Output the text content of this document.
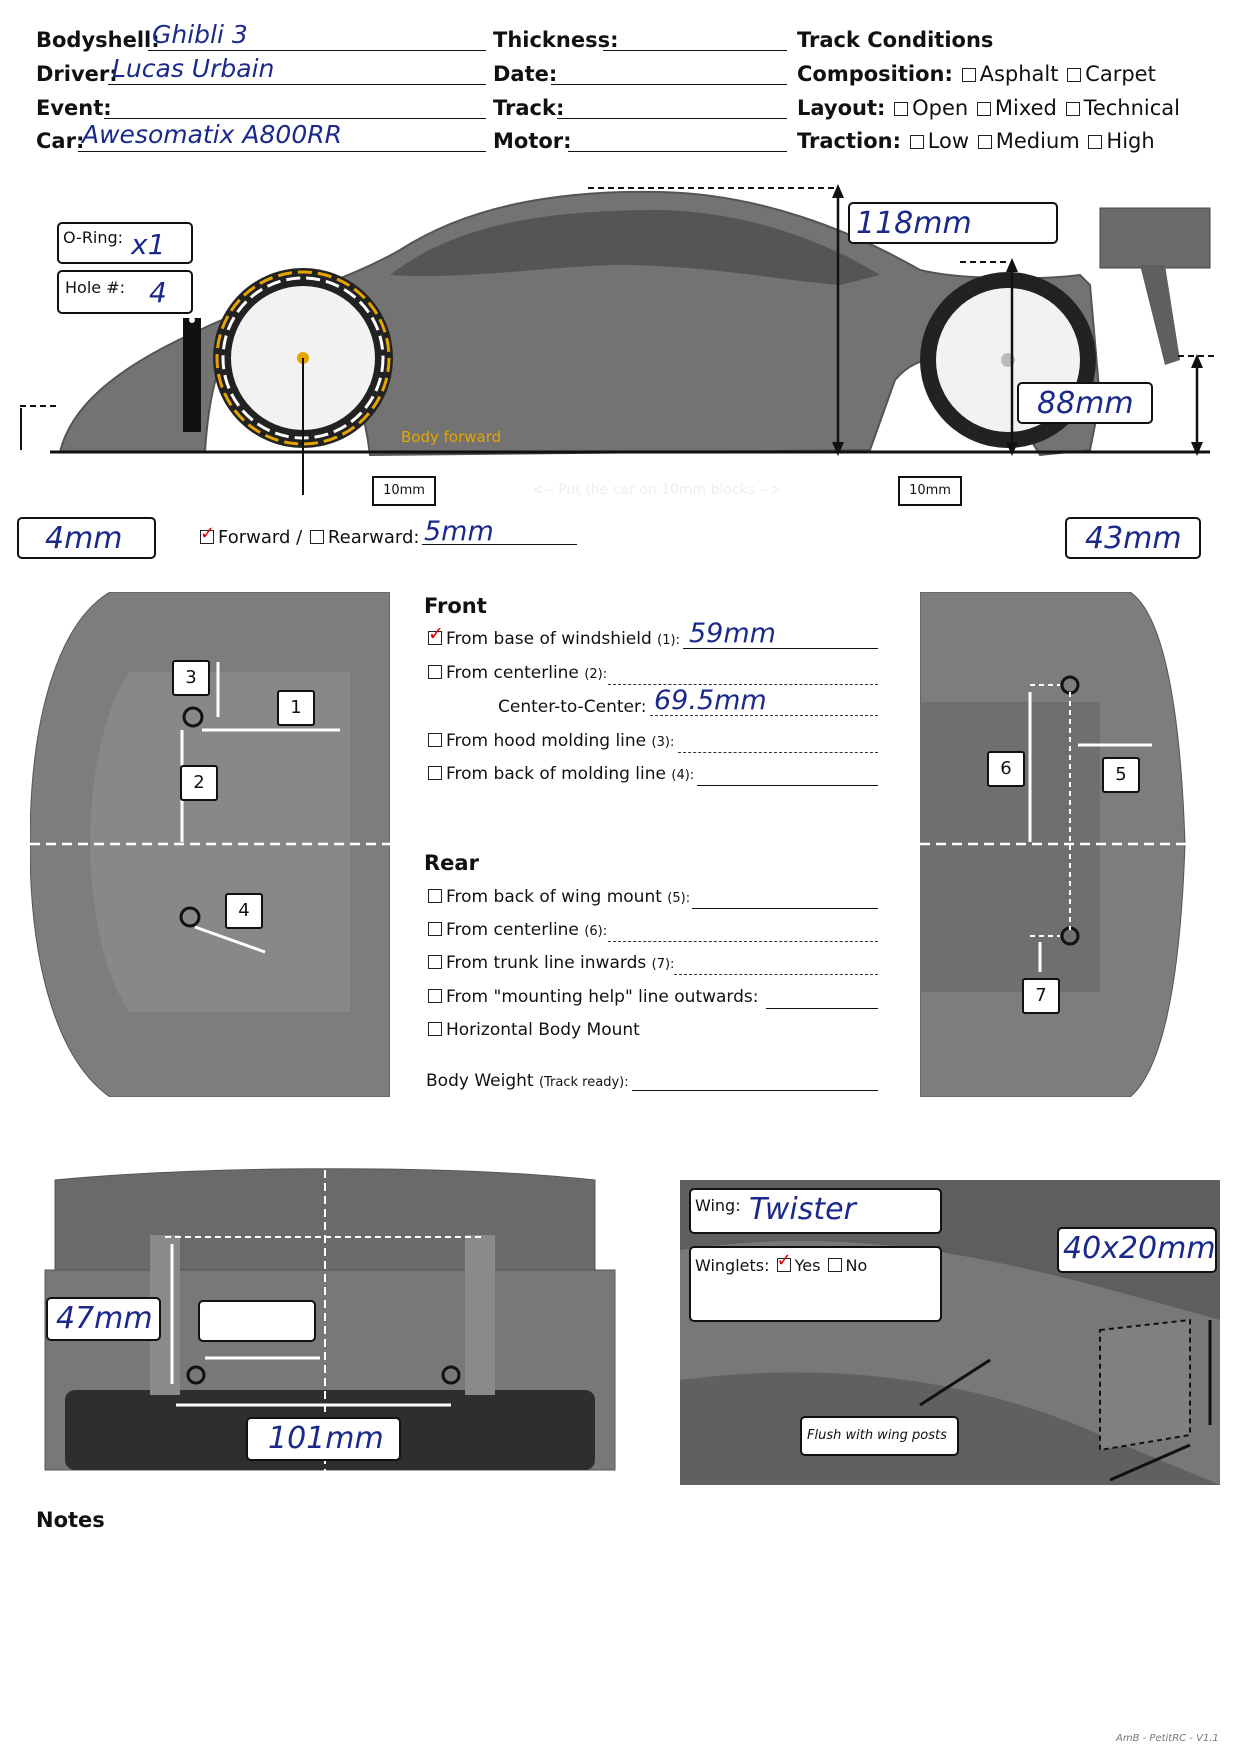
Bodyshell:
Ghibli 3
Driver:
Lucas Urbain
Event:
Car:
Awesomatix A800RR
Thickness:
Date:
Track:
Motor:
Track Conditions
Composition: Asphalt Carpet
Layout: Open Mixed Technical
Traction: Low Medium High
O-Ring: x1
Hole #: 4
118mm
88mm
Body forward
Body rearward
10mm	10mm
<-- Put the car on 10mm blocks -->
4mm	43mm
✓ Forward / Rearward: 5mm
3
1
2
4
6	5
7
Front
✓ From base of windshield (1): 59mm
From centerline (2):
Center-to-Center: 69.5mm
From hood molding line (3):
From back of molding line (4):
Rear
From back of wing mount (5):
From centerline (6):
From trunk line inwards (7):
From "mounting help" line outwards:
Horizontal Body Mount
Body Weight (Track ready):
47mm
101mm
Wing: Twister
Winglets: ✓ Yes No	40x20mm
Flush with wing posts
Notes
AmB - PetitRC - V1.1
